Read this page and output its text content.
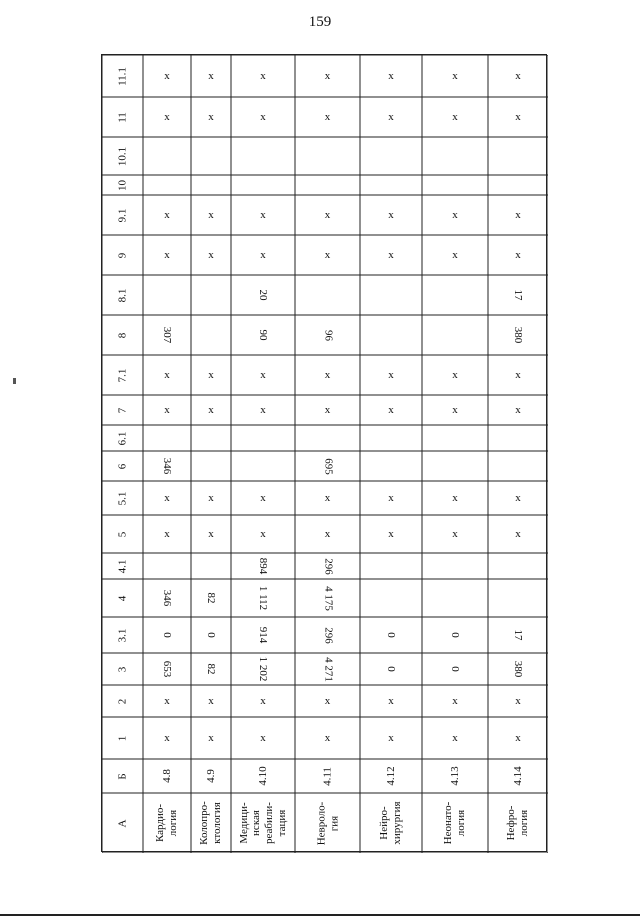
159
11.1
11
10.1
10
9.1
9
8.1
8
7.1
7
6.1
6
5.1
5
4.1
4
3.1
3
2
1
Б
А	Кардио-
логия
4.8
x
x
653
0
346
x
x
346
x
x
307
x
x
x
x
Колопро-
ктология
4.9
x
x
82
0
82
x
x
x
x
x
x
x
x
Медици-
нская
реабили-
тация
4.10
x
x
1 202
914
1 112
894
x
x
x
x
90
20
x
x
x
x
Невроло-
гия
4.11
x
x
4 271
296
4 175
296
x
x
695
x
x
96
x
x
x
x
Нейро-
хирургия
4.12
x
x
0
0
x
x
x
x
x
x
x
x
Неонато-
логия
4.13
x
x
0
0
x
x
x
x
x
x
x
x
Нефро-
логия
4.14
x
x
380
17
x
x
x
x
380
17
x
x
x
x
